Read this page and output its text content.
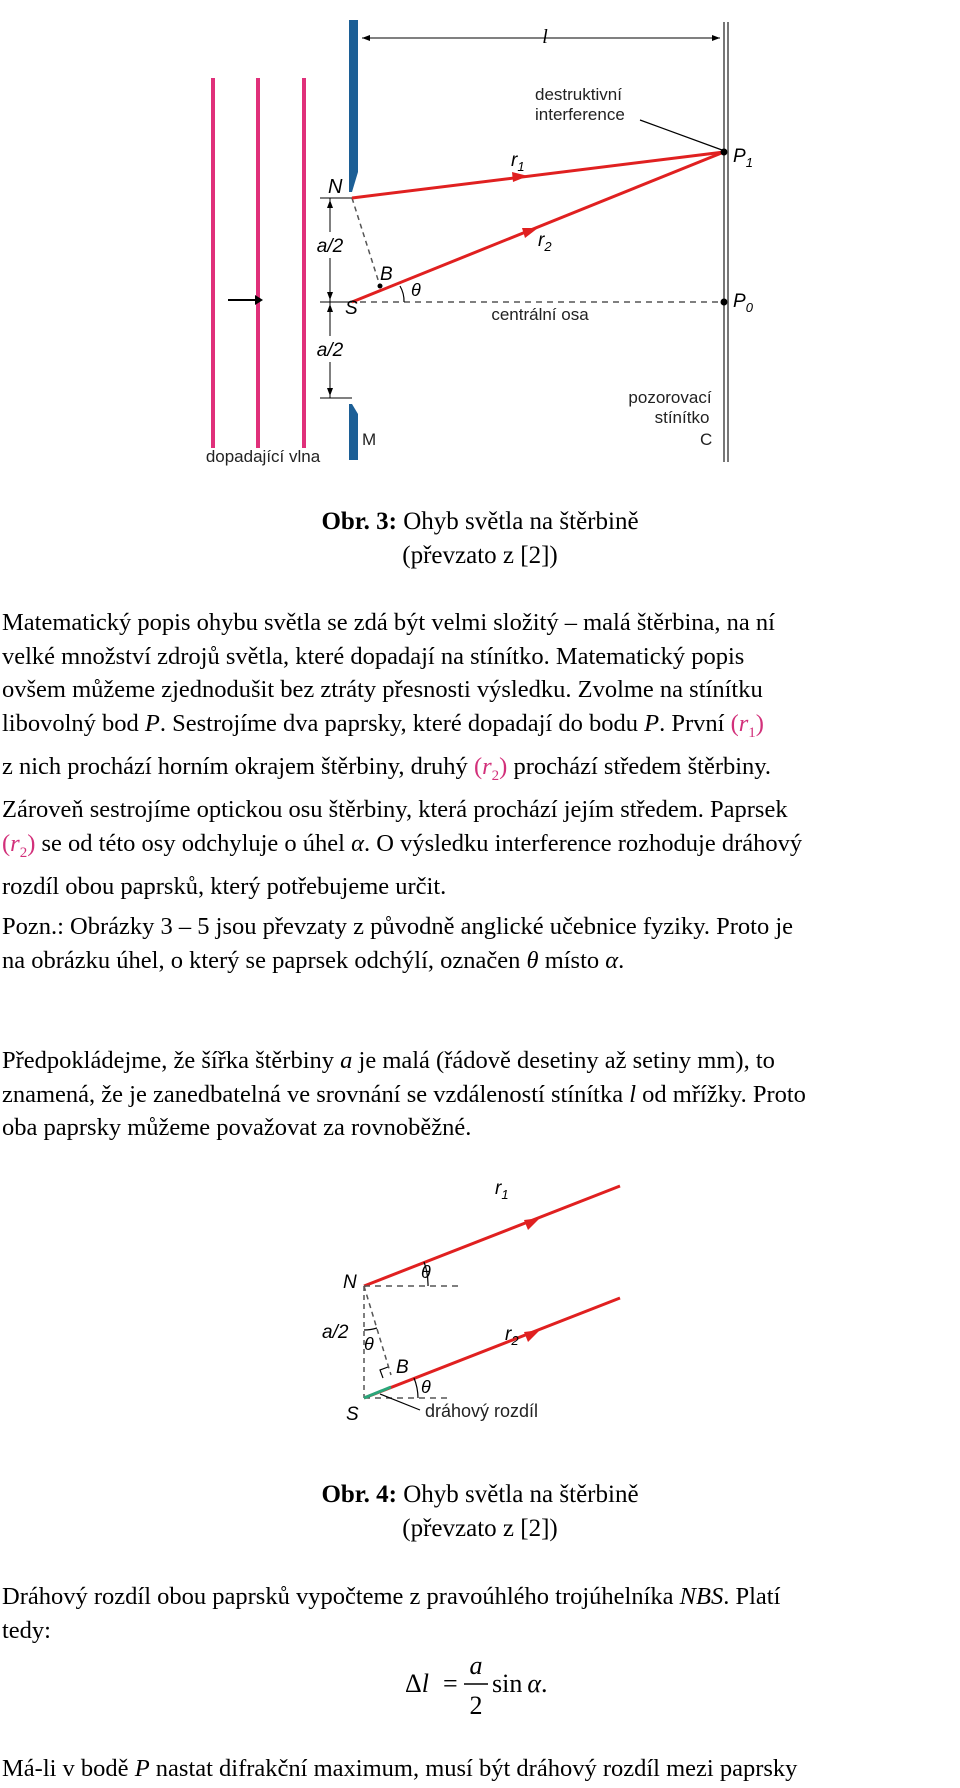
l
centrální osa
a/2
a/2
destruktivní
interference
$r_1$
$r_2$
$P_1$
$P_0$
N
B
θ
S
pozorovací
stínítko
C
M
dopadající vlna
Obr. 3: Ohyb světla na štěrbině
(převzato z [2])

Matematický popis ohybu světla se zdá být velmi složitý – malá štěrbina, na ní

velké množství zdrojů světla, které dopadají na stínítko. Matematický popis

ovšem můžeme zjednodušit bez ztráty přesnosti výsledku. Zvolme na stínítku

libovolný bod P. Sestrojíme dva paprsky, které dopadají do bodu P. První $(r_1)$

z nich prochází horním okrajem štěrbiny, druhý $(r_2)$ prochází středem štěrbiny.

Zároveň sestrojíme optickou osu štěrbiny, která prochází jejím středem. Paprsek

$(r_2)$ se od této osy odchyluje o úhel α. O výsledku interference rozhoduje dráhový

rozdíl obou paprsků, který potřebujeme určit.

Pozn.: Obrázky 3 – 5 jsou převzaty z původně anglické učebnice fyziky. Proto je

na obrázku úhel, o který se paprsek odchýlí, označen θ místo α.

Předpokládejme, že šířka štěrbiny a je malá (řádově desetiny až setiny mm), to

znamená, že je zanedbatelná ve srovnání se vzdáleností stínítka l od mřížky. Proto

oba paprsky můžeme považovat za rovnoběžné.

$r_1$
$r_2$
N	θ
a/2
θ
B
θ
S	dráhový rozdíl
Obr. 4: Ohyb světla na štěrbině
(převzato z [2])

Dráhový rozdíl obou paprsků vypočteme z pravoúhlého trojúhelníka NBS. Platí

tedy:

Δl =
a
2
sin α.

Má-li v bodě P nastat difrakční maximum, musí být dráhový rozdíl mezi paprsky
